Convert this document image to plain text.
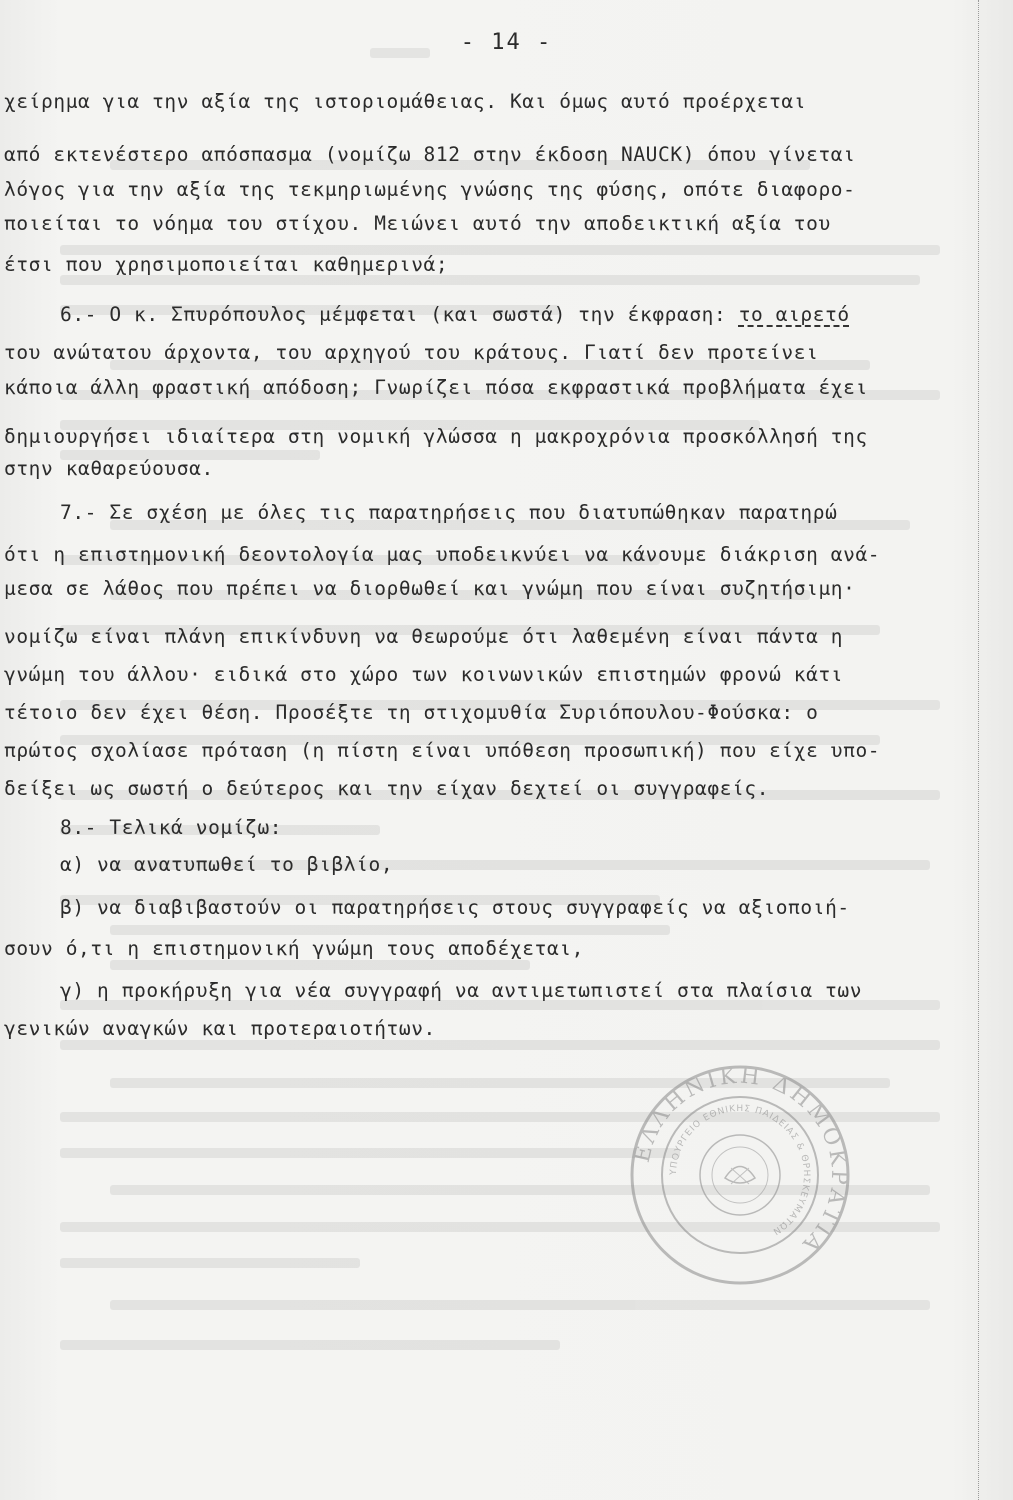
- 14 -
χείρημα για την αξία της ιστοριομάθειας. Και όμως αυτό προέρχεται
από εκτενέστερο απόσπασμα (νομίζω 812 στην έκδοση NAUCK) όπου γίνεται
λόγος για την αξία της τεκμηριωμένης γνώσης της φύσης, οπότε διαφορο-
ποιείται το νόημα του στίχου. Μειώνει αυτό την αποδεικτική αξία του
έτσι που χρησιμοποιείται καθημερινά;
6.- Ο κ. Σπυρόπουλος μέμφεται (και σωστά) την έκφραση: το αιρετό
του ανώτατου άρχοντα, του αρχηγού του κράτους. Γιατί δεν προτείνει
κάποια άλλη φραστική απόδοση; Γνωρίζει πόσα εκφραστικά προβλήματα έχει
δημιουργήσει ιδιαίτερα στη νομική γλώσσα η μακροχρόνια προσκόλλησή της
στην καθαρεύουσα.
7.- Σε σχέση με όλες τις παρατηρήσεις που διατυπώθηκαν παρατηρώ
ότι η επιστημονική δεοντολογία μας υποδεικνύει να κάνουμε διάκριση ανά-
μεσα σε λάθος που πρέπει να διορθωθεί και γνώμη που είναι συζητήσιμη·
νομίζω είναι πλάνη επικίνδυνη να θεωρούμε ότι λαθεμένη είναι πάντα η
γνώμη του άλλου· ειδικά στο χώρο των κοινωνικών επιστημών φρονώ κάτι
τέτοιο δεν έχει θέση. Προσέξτε τη στιχομυθία Συριόπουλου-Φούσκα: ο
πρώτος σχολίασε πρόταση (η πίστη είναι υπόθεση προσωπική) που είχε υπο-
δείξει ως σωστή ο δεύτερος και την είχαν δεχτεί οι συγγραφείς.
8.- Τελικά νομίζω:
α) να ανατυπωθεί το βιβλίο,
β) να διαβιβαστούν οι παρατηρήσεις στους συγγραφείς να αξιοποιή-
σουν ό,τι η επιστημονική γνώμη τους αποδέχεται,
γ) η προκήρυξη για νέα συγγραφή να αντιμετωπιστεί στα πλαίσια των
γενικών αναγκών και προτεραιοτήτων.
ΕΛΛΗΝΙΚΗ ΔΗΜΟΚΡΑΤΙΑ
ΥΠΟΥΡΓΕΙΟ ΕΘΝΙΚΗΣ ΠΑΙΔΕΙΑΣ & ΘΡΗΣΚΕΥΜΑΤΩΝ
